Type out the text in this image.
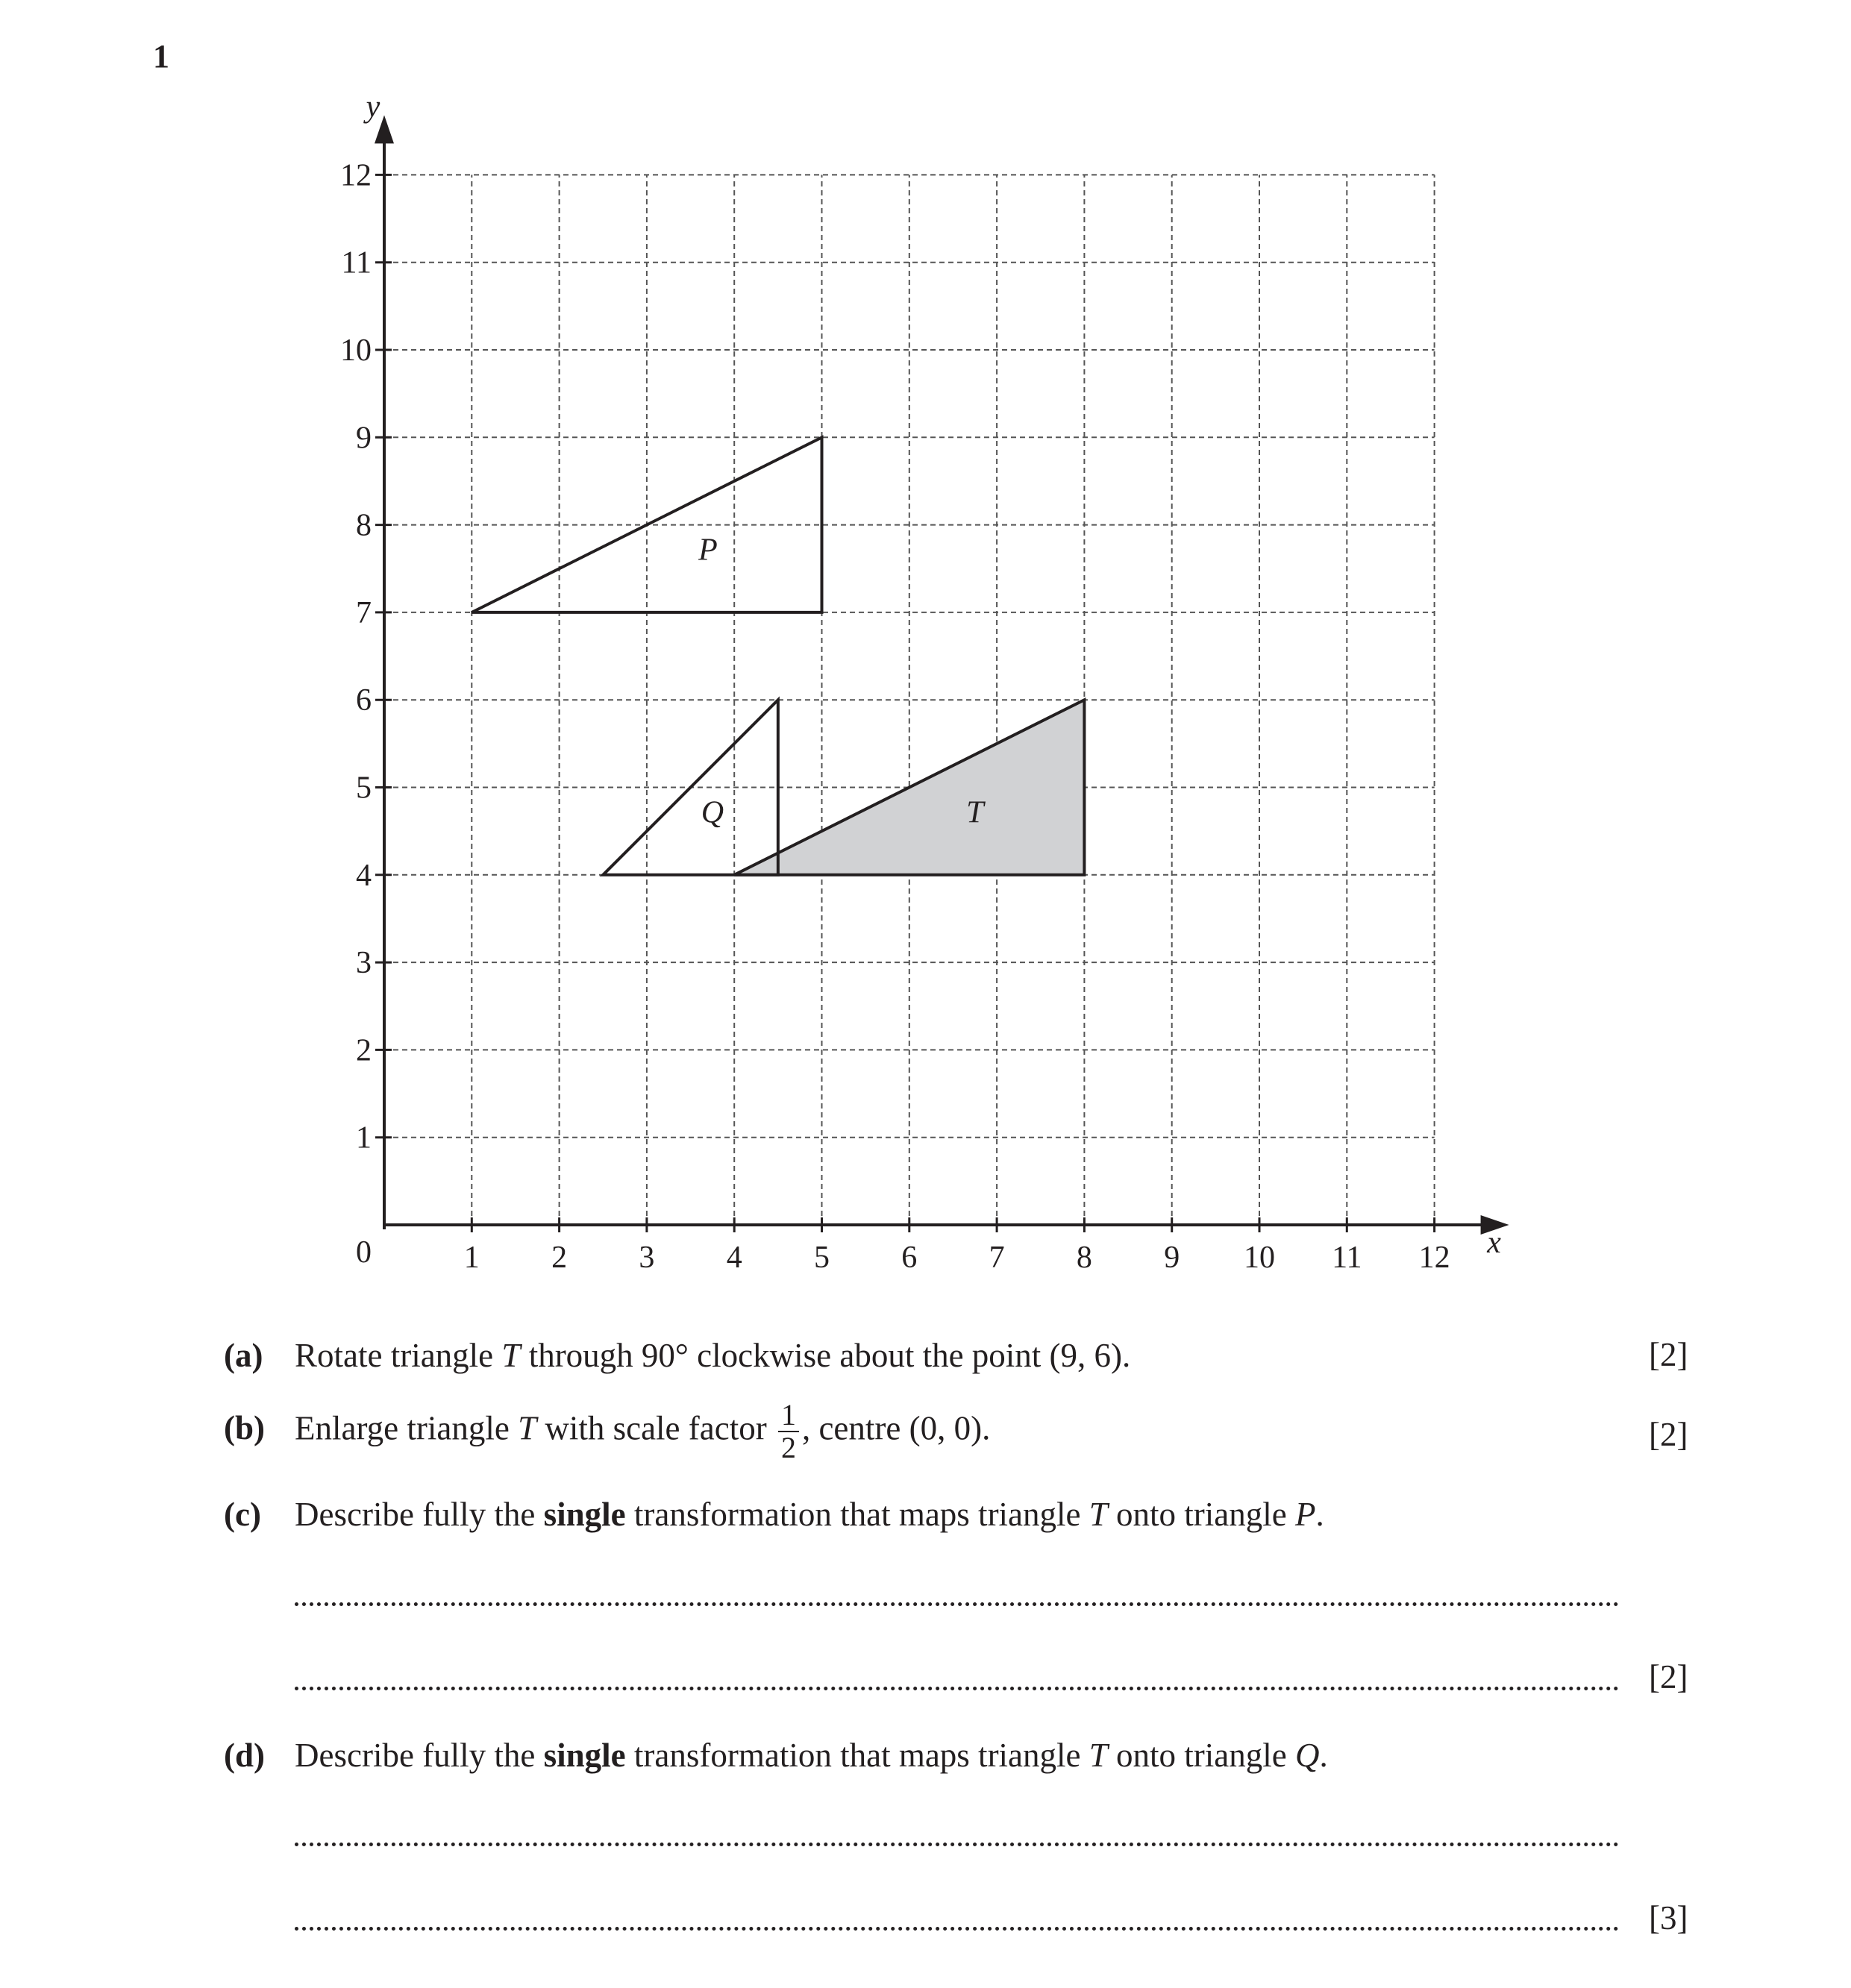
1
1 2 3 4 5 6 7 8 9 10 11 12
1
2
3
4
5
6
7
8
9
10
11
12
0	x
y
P
Q	T
(a) Rotate triangle T through 90° clockwise about the point (9, 6).	[2]
(b) Enlarge triangle T with scale factor $\frac{1}{2}$ , centre (0, 0).	[2]
(c) Describe fully the single transformation that maps triangle T onto triangle P.
[2]
(d) Describe fully the single transformation that maps triangle T onto triangle Q.
[3]
